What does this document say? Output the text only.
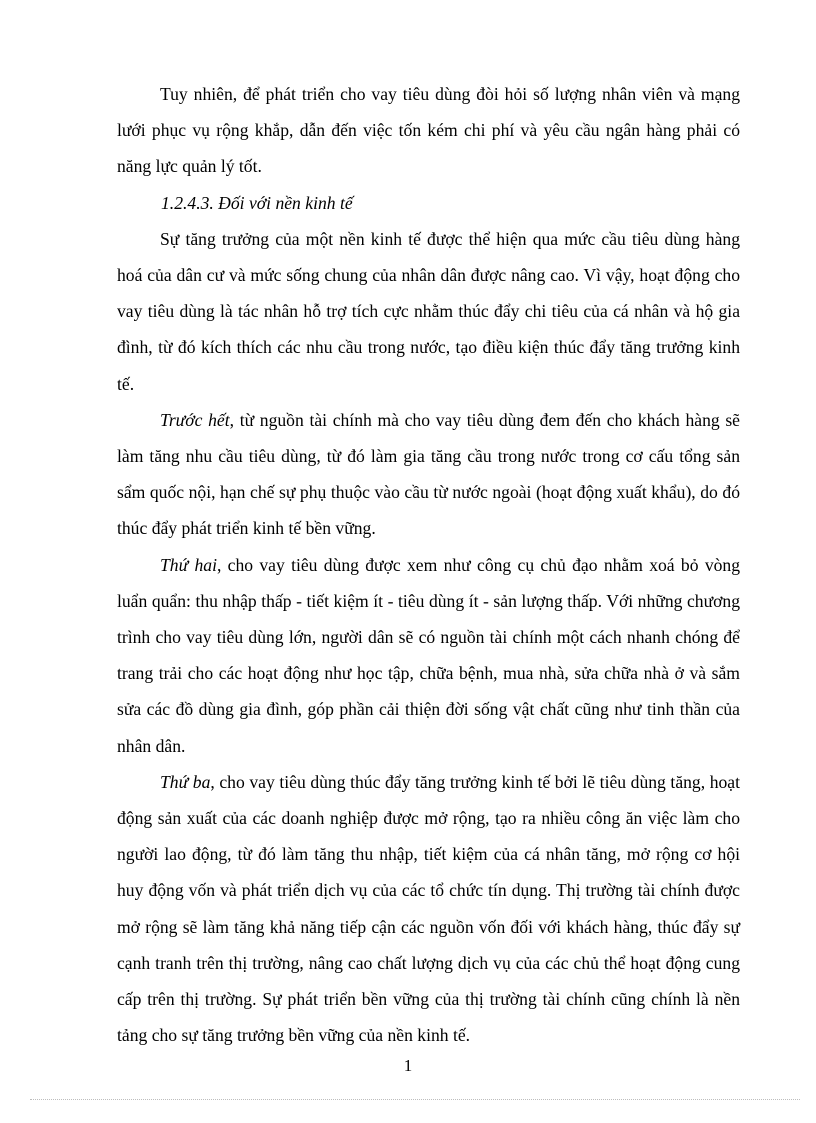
Tuy nhiên, để phát triển cho vay tiêu dùng đòi hỏi số lượng nhân viên và mạng lưới phục vụ rộng khắp, dẫn đến việc tốn kém chi phí và yêu cầu ngân hàng phải có năng lực quản lý tốt.

1.2.4.3. Đối với nền kinh tế

Sự tăng trưởng của một nền kinh tế được thể hiện qua mức cầu tiêu dùng hàng hoá của dân cư và mức sống chung của nhân dân được nâng cao. Vì vậy, hoạt động cho vay tiêu dùng là tác nhân hỗ trợ tích cực nhằm thúc đẩy chi tiêu của cá nhân và hộ gia đình, từ đó kích thích các nhu cầu trong nước, tạo điều kiện thúc đẩy tăng trưởng kinh tế.

Trước hết, từ nguồn tài chính mà cho vay tiêu dùng đem đến cho khách hàng sẽ làm tăng nhu cầu tiêu dùng, từ đó làm gia tăng cầu trong nước trong cơ cấu tổng sản sẩm quốc nội, hạn chế sự phụ thuộc vào cầu từ nước ngoài (hoạt động xuất khẩu), do đó thúc đẩy phát triển kinh tế bền vững.

Thứ hai, cho vay tiêu dùng được xem như công cụ chủ đạo nhằm xoá bỏ vòng luẩn quẩn: thu nhập thấp - tiết kiệm ít - tiêu dùng ít - sản lượng thấp. Với những chương trình cho vay tiêu dùng lớn, người dân sẽ có nguồn tài chính một cách nhanh chóng để trang trải cho các hoạt động như học tập, chữa bệnh, mua nhà, sửa chữa nhà ở và sắm sửa các đồ dùng gia đình, góp phần cải thiện đời sống vật chất cũng như tinh thần của nhân dân.

Thứ ba, cho vay tiêu dùng thúc đẩy tăng trưởng kinh tế bởi lẽ tiêu dùng tăng, hoạt động sản xuất của các doanh nghiệp được mở rộng, tạo ra nhiều công ăn việc làm cho người lao động, từ đó làm tăng thu nhập, tiết kiệm của cá nhân tăng, mở rộng cơ hội huy động vốn và phát triển dịch vụ của các tổ chức tín dụng. Thị trường tài chính được mở rộng sẽ làm tăng khả năng tiếp cận các nguồn vốn đối với khách hàng, thúc đẩy sự cạnh tranh trên thị trường, nâng cao chất lượng dịch vụ của các chủ thể hoạt động cung cấp trên thị trường. Sự phát triển bền vững của thị trường tài chính cũng chính là nền tảng cho sự tăng trưởng bền vững của nền kinh tế.

1
